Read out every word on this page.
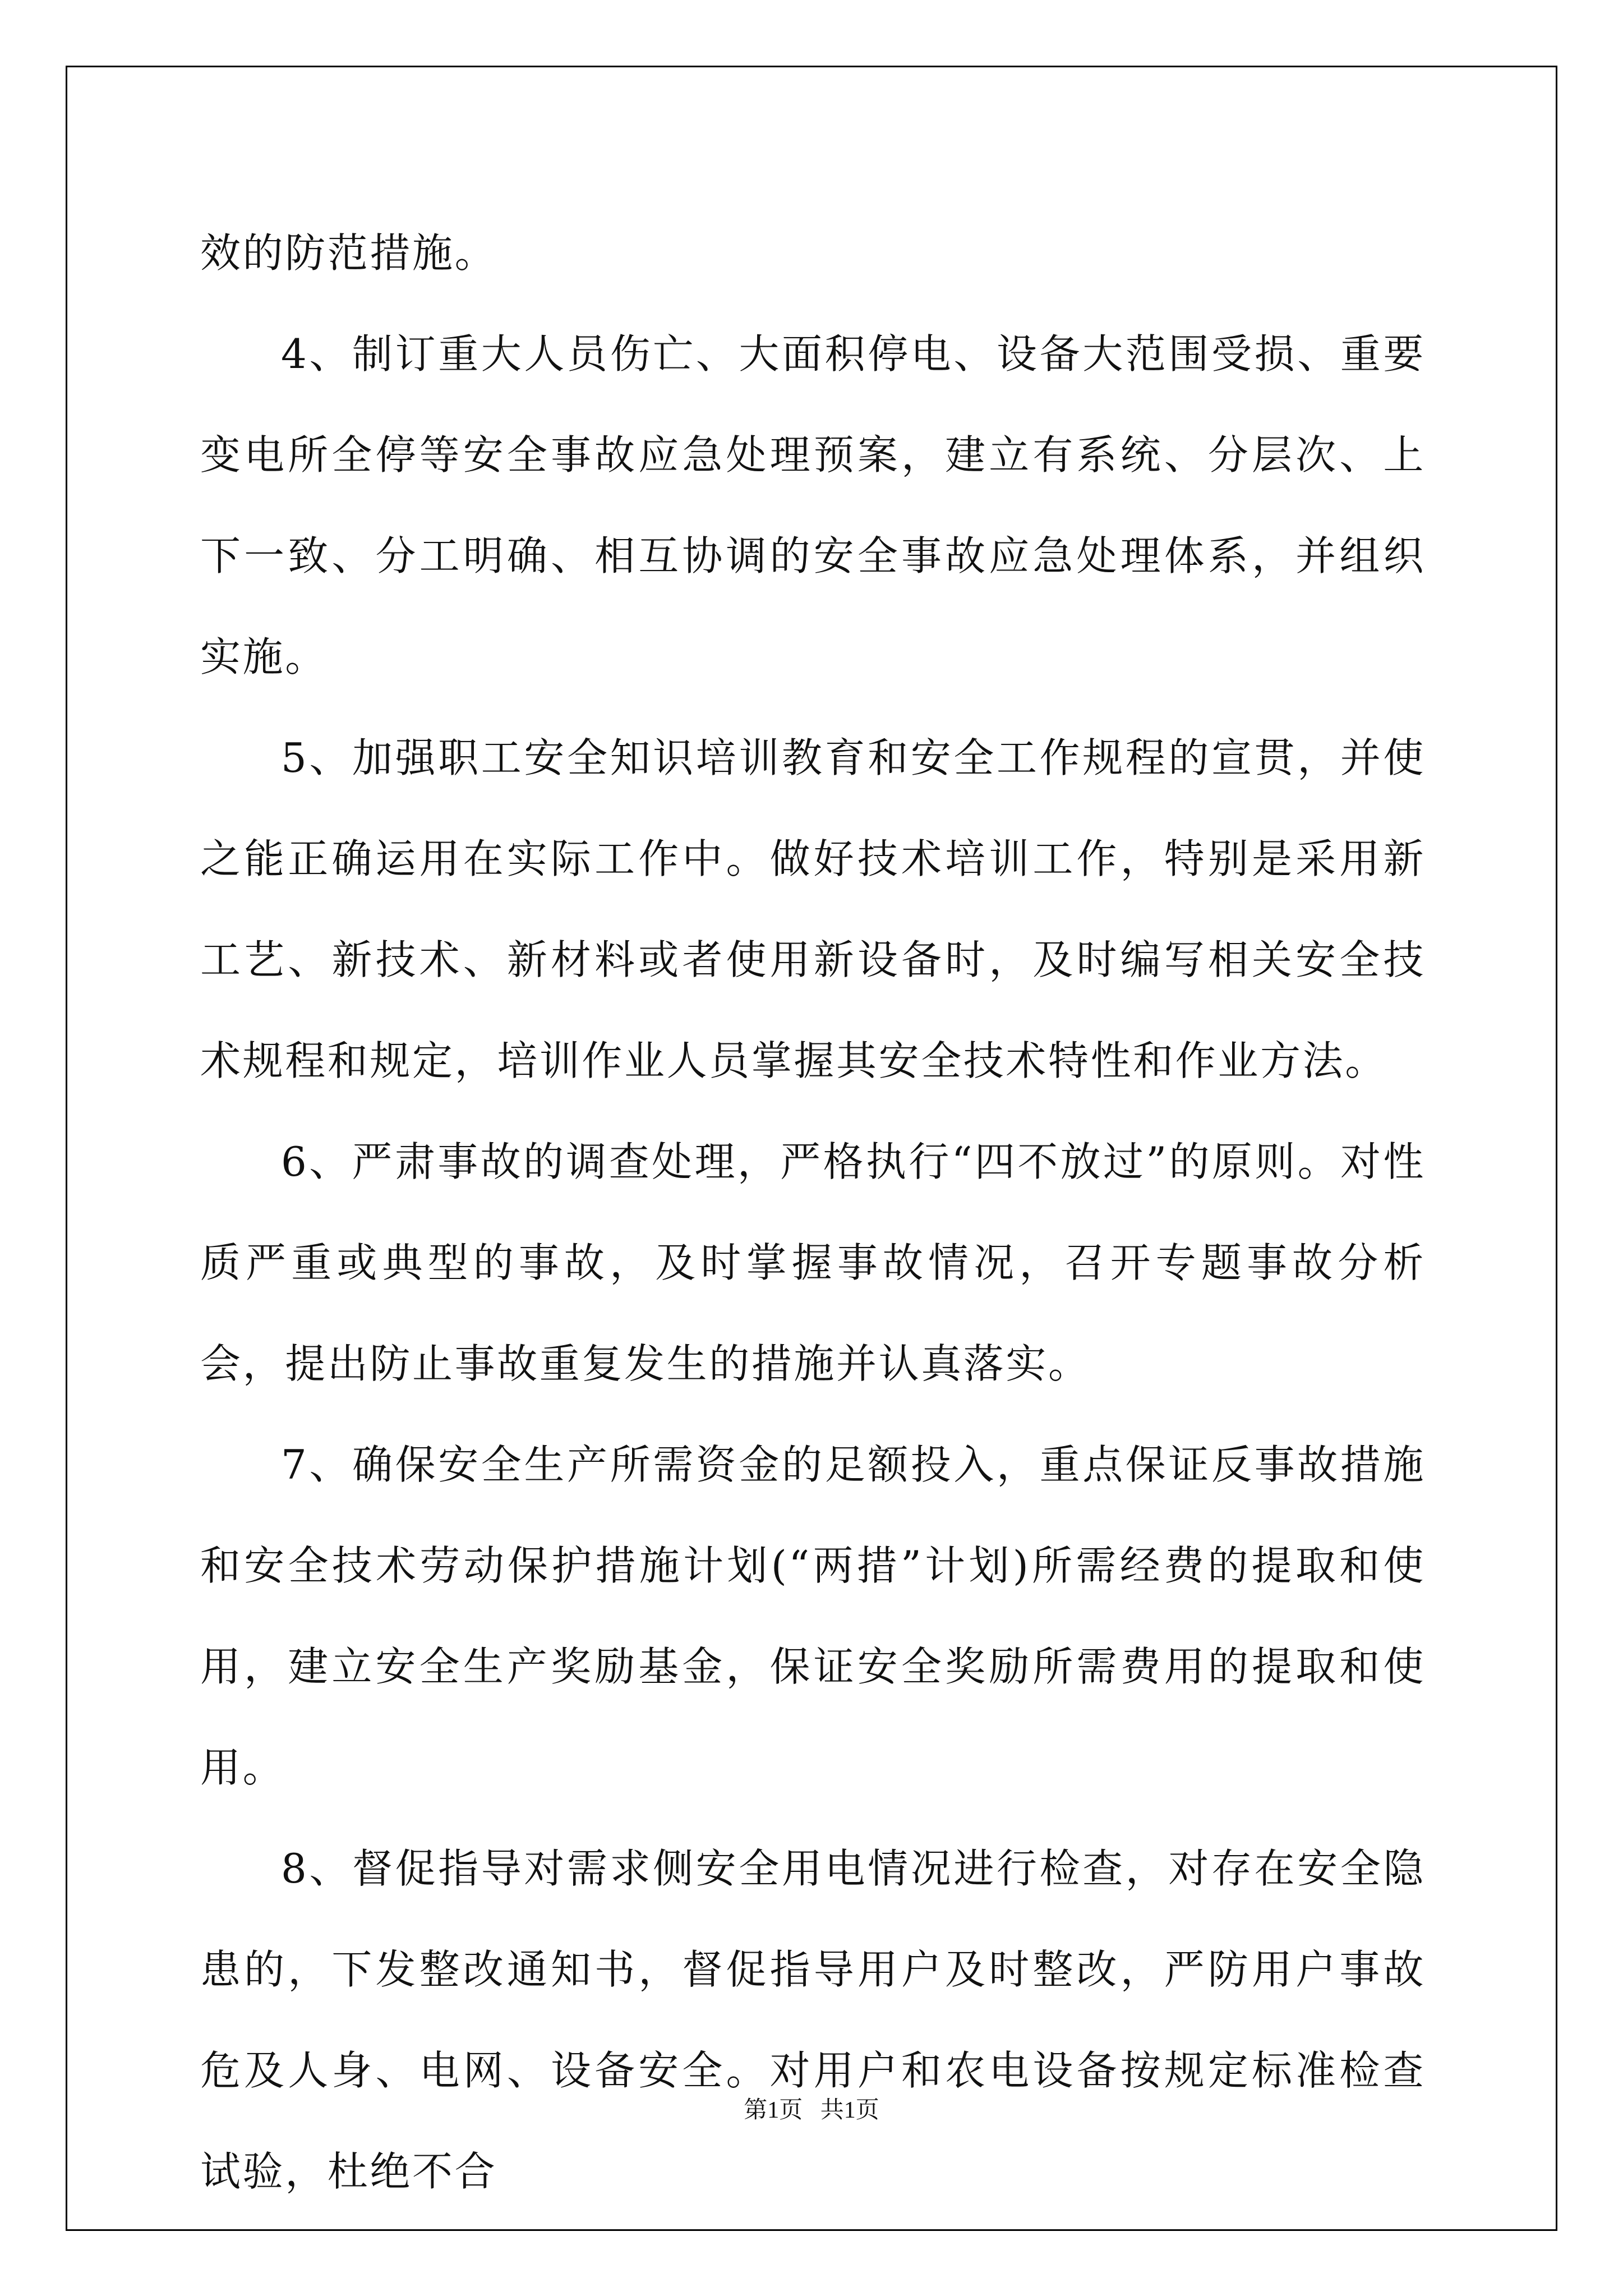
效的防范措施。

4、制订重大人员伤亡、大面积停电、设备大范围受损、重要变电所全停等安全事故应急处理预案，建立有系统、分层次、上下一致、分工明确、相互协调的安全事故应急处理体系，并组织实施。

5、加强职工安全知识培训教育和安全工作规程的宣贯，并使之能正确运用在实际工作中。做好技术培训工作，特别是采用新工艺、新技术、新材料或者使用新设备时，及时编写相关安全技术规程和规定，培训作业人员掌握其安全技术特性和作业方法。

6、严肃事故的调查处理，严格执行“四不放过”的原则。对性质严重或典型的事故，及时掌握事故情况，召开专题事故分析会，提出防止事故重复发生的措施并认真落实。

7、确保安全生产所需资金的足额投入，重点保证反事故措施和安全技术劳动保护措施计划(“两措”计划)所需经费的提取和使用，建立安全生产奖励基金，保证安全奖励所需费用的提取和使用。

8、督促指导对需求侧安全用电情况进行检查，对存在安全隐患的，下发整改通知书，督促指导用户及时整改，严防用户事故危及人身、电网、设备安全。对用户和农电设备按规定标准检查试验，杜绝不合

第1页   共1页
